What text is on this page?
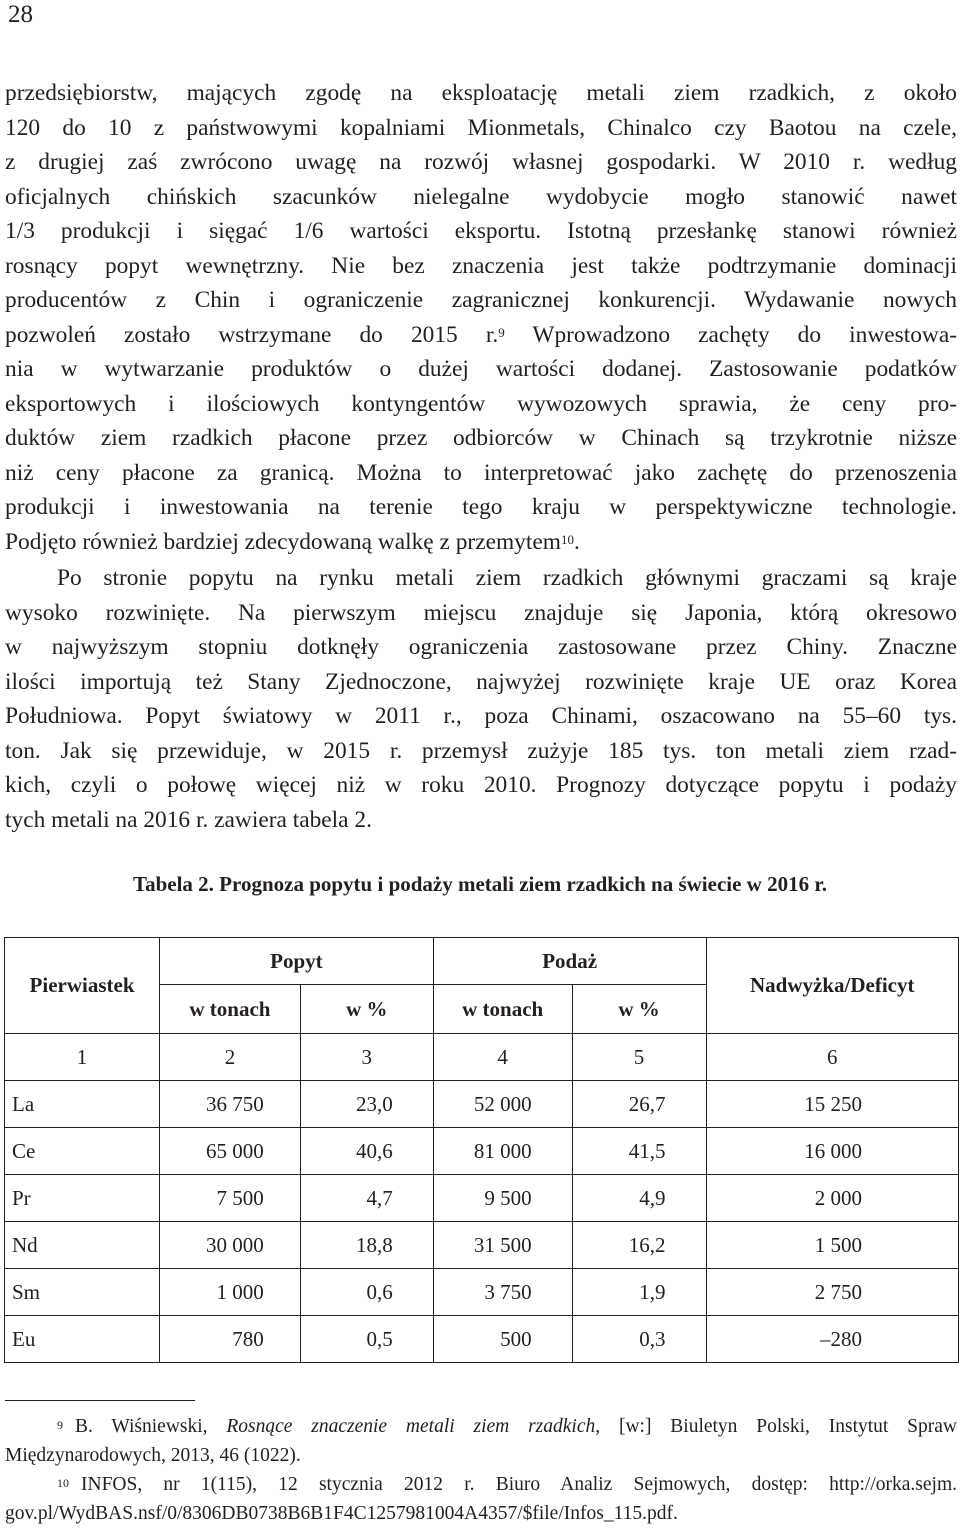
28
przedsiębiorstw, mających zgodę na eksploatację metali ziem rzadkich, z około
120 do 10 z państwowymi kopalniami Mionmetals, Chinalco czy Baotou na czele,
z drugiej zaś zwrócono uwagę na rozwój własnej gospodarki. W 2010 r. według
oficjalnych chińskich szacunków nielegalne wydobycie mogło stanowić nawet
1/3 produkcji i sięgać 1/6 wartości eksportu. Istotną przesłankę stanowi również
rosnący popyt wewnętrzny. Nie bez znaczenia jest także podtrzymanie dominacji
producentów z Chin i ograniczenie zagranicznej konkurencji. Wydawanie nowych
pozwoleń zostało wstrzymane do 2015 r.$^9$ Wprowadzono zachęty do inwestowa-
nia w wytwarzanie produktów o dużej wartości dodanej. Zastosowanie podatków
eksportowych i ilościowych kontyngentów wywozowych sprawia, że ceny pro-
duktów ziem rzadkich płacone przez odbiorców w Chinach są trzykrotnie niższe
niż ceny płacone za granicą. Można to interpretować jako zachętę do przenoszenia
produkcji i inwestowania na terenie tego kraju w perspektywiczne technologie.
Podjęto również bardziej zdecydowaną walkę z przemytem$^{10}$.
Po stronie popytu na rynku metali ziem rzadkich głównymi graczami są kraje
wysoko rozwinięte. Na pierwszym miejscu znajduje się Japonia, którą okresowo
w najwyższym stopniu dotknęły ograniczenia zastosowane przez Chiny. Znaczne
ilości importują też Stany Zjednoczone, najwyżej rozwinięte kraje UE oraz Korea
Południowa. Popyt światowy w 2011 r., poza Chinami, oszacowano na 55–60 tys.
ton. Jak się przewiduje, w 2015 r. przemysł zużyje 185 tys. ton metali ziem rzad-
kich, czyli o połowę więcej niż w roku 2010. Prognozy dotyczące popytu i podaży
tych metali na 2016 r. zawiera tabela 2.
Tabela 2. Prognoza popytu i podaży metali ziem rzadkich na świecie w 2016 r.
Pierwiastek	Popyt		Podaż		Nadwyżka/Deficyt
	w tonach	w %	w tonach	w %	
1	2	3	4	5	6
La	36 750	23,0	52 000	26,7	15 250
Ce	65 000	40,6	81 000	41,5	16 000
Pr	7 500	4,7	9 500	4,9	2 000
Nd	30 000	18,8	31 500	16,2	1 500
Sm	1 000	0,6	3 750	1,9	2 750
Eu	780	0,5	500	0,3	–280
$^9$ B. Wiśniewski, Rosnące znaczenie metali ziem rzadkich, [w:] Biuletyn Polski, Instytut Spraw
Międzynarodowych, 2013, 46 (1022).
$^{10}$ INFOS, nr 1(115), 12 stycznia 2012 r. Biuro Analiz Sejmowych, dostęp: http://orka.sejm.
gov.pl/WydBAS.nsf/0/8306DB0738B6B1F4C1257981004A4357/$file/Infos_115.pdf.
